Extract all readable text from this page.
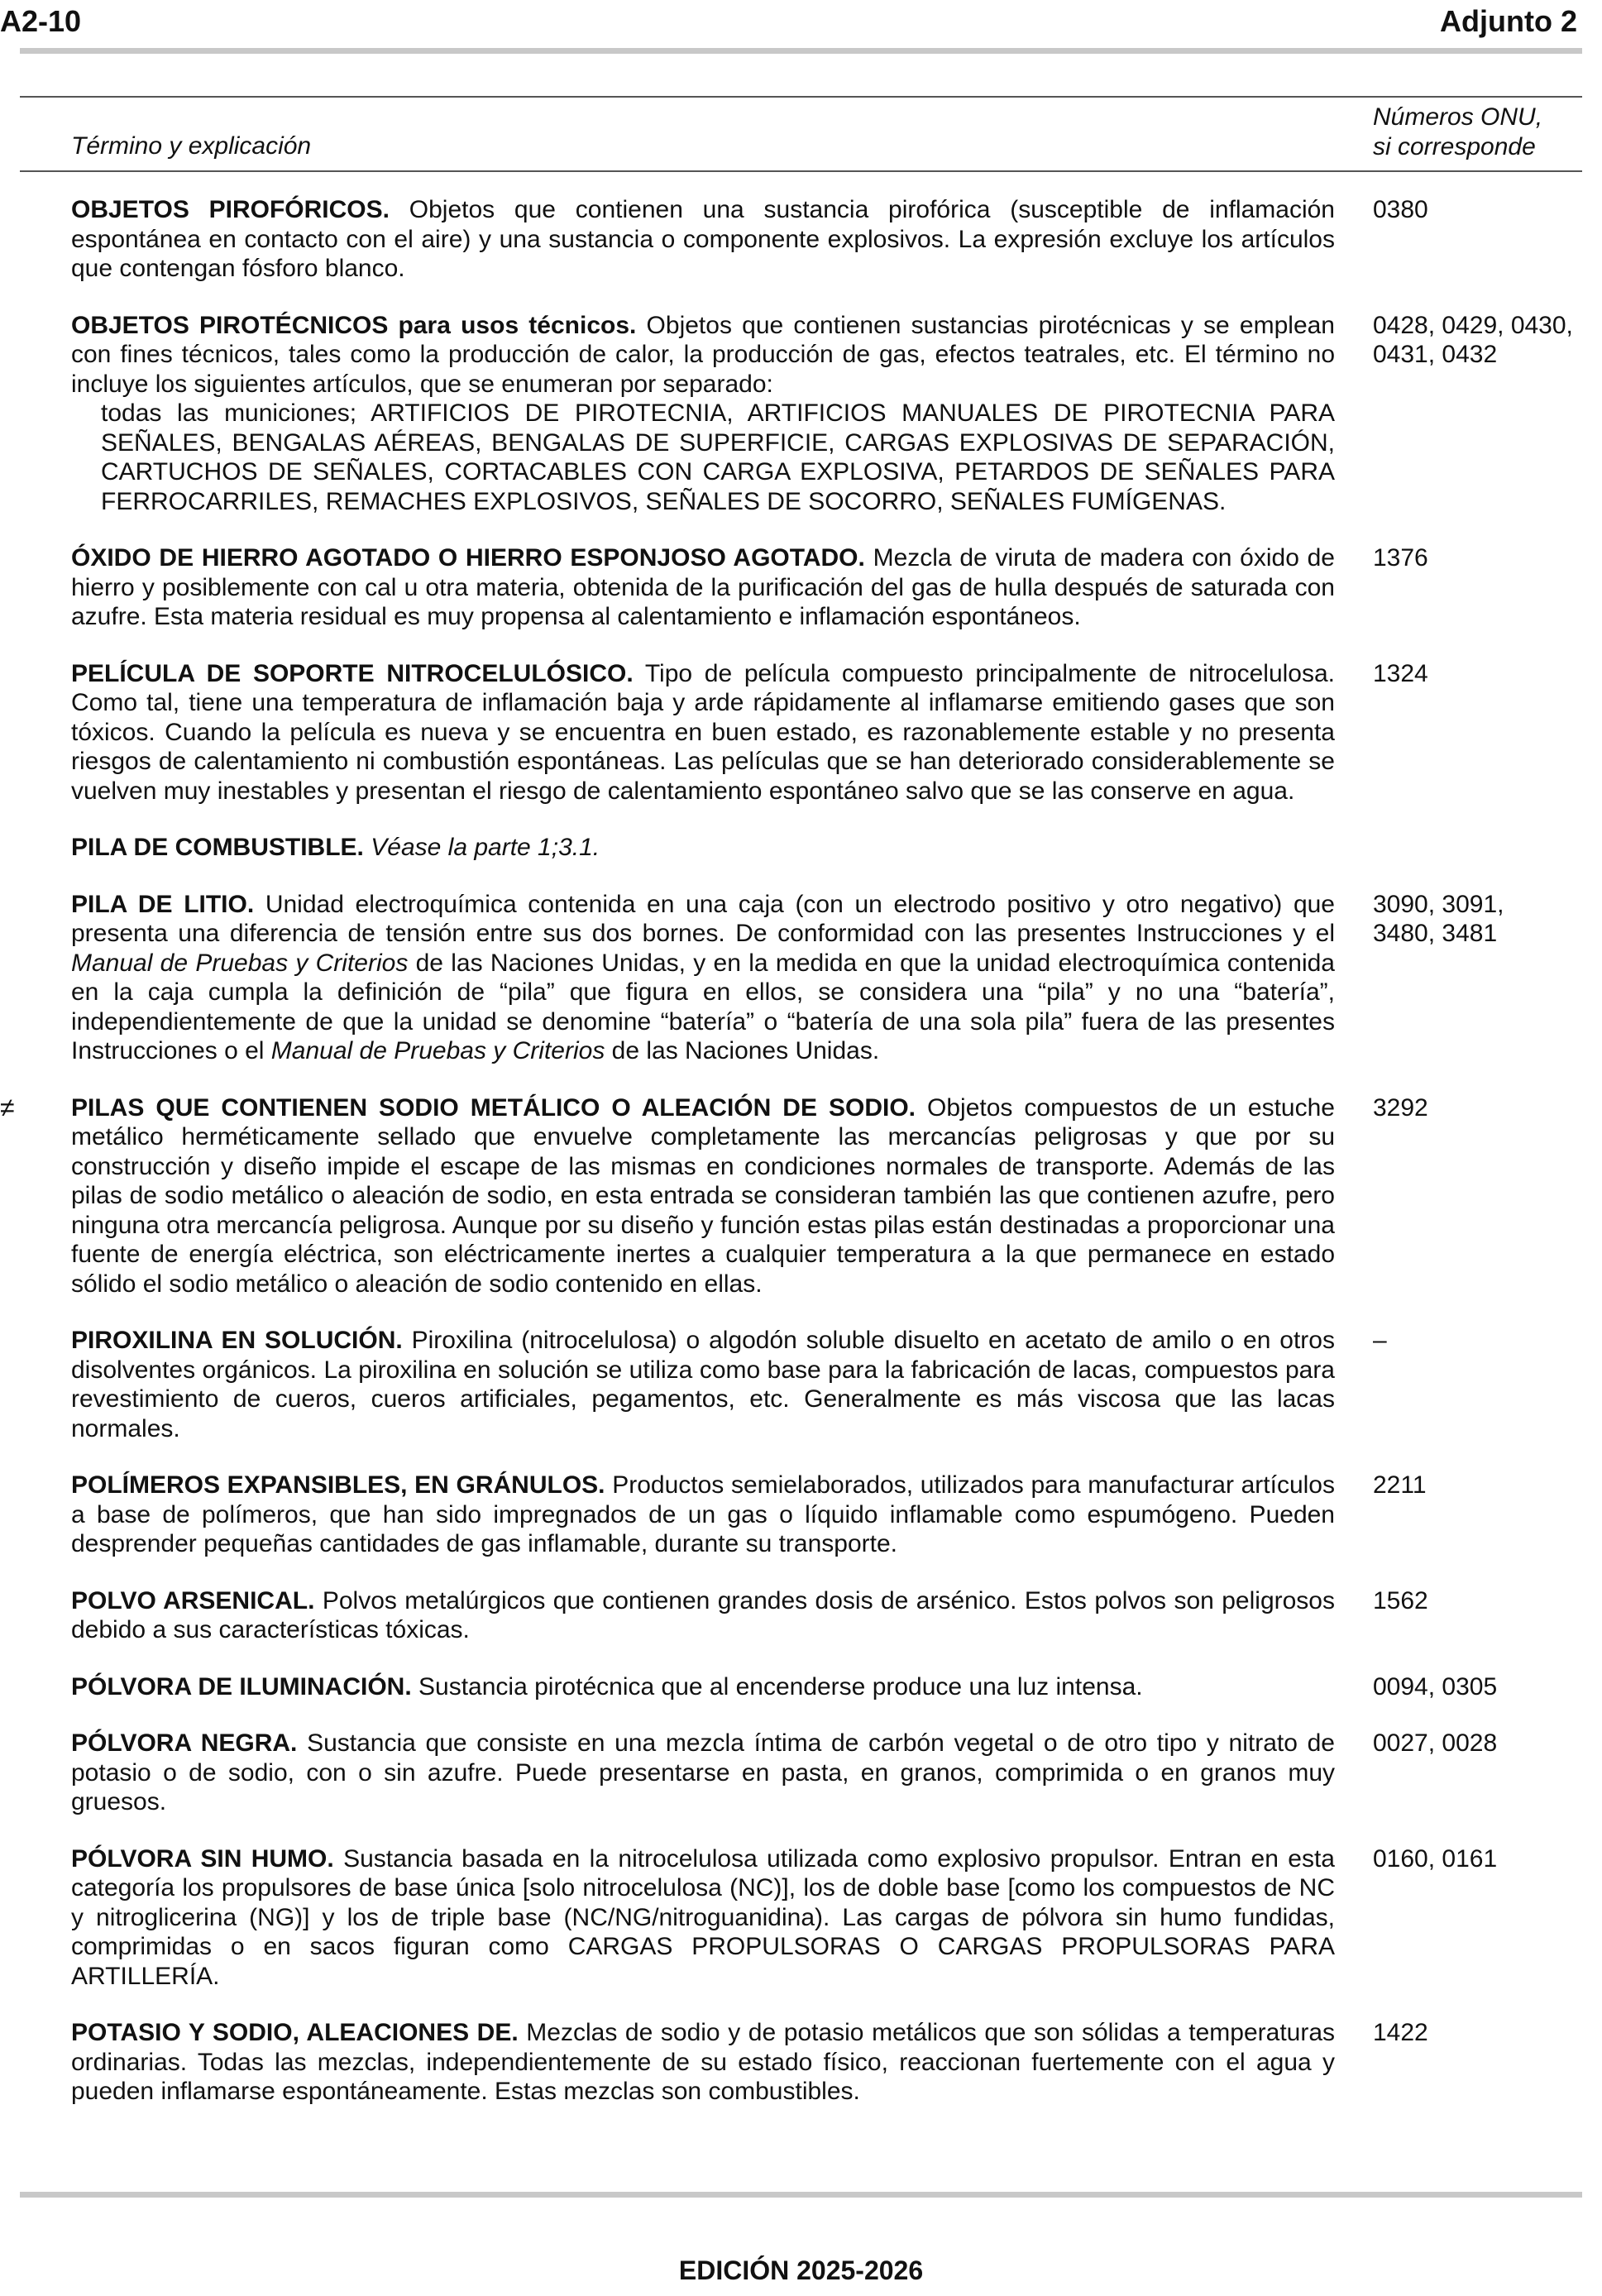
A2-10	Adjunto 2
Término y explicación
Números ONU,
si corresponde
OBJETOS PIROFÓRICOS. Objetos que contienen una sustancia pirofórica (susceptible de inflamación espontánea en contacto con el aire) y una sustancia o componente explosivos. La expresión excluye los artículos que contengan fósforo blanco.
0380
OBJETOS PIROTÉCNICOS para usos técnicos. Objetos que contienen sustancias pirotécnicas y se emplean con fines técnicos, tales como la producción de calor, la producción de gas, efectos teatrales, etc. El término no incluye los siguientes artículos, que se enumeran por separado:
todas las municiones; ARTIFICIOS DE PIROTECNIA, ARTIFICIOS MANUALES DE PIROTECNIA PARA SEÑALES, BENGALAS AÉREAS, BENGALAS DE SUPERFICIE, CARGAS EXPLOSIVAS DE SEPARACIÓN, CARTUCHOS DE SEÑALES, CORTACABLES CON CARGA EXPLOSIVA, PETARDOS DE SEÑALES PARA FERROCARRILES, REMACHES EXPLOSIVOS, SEÑALES DE SOCORRO, SEÑALES FUMÍGENAS.
0428, 0429, 0430,
0431, 0432
ÓXIDO DE HIERRO AGOTADO O HIERRO ESPONJOSO AGOTADO. Mezcla de viruta de madera con óxido de hierro y posiblemente con cal u otra materia, obtenida de la purificación del gas de hulla después de saturada con azufre. Esta materia residual es muy propensa al calentamiento e inflamación espontáneos.
1376
PELÍCULA DE SOPORTE NITROCELULÓSICO. Tipo de película compuesto principalmente de nitrocelulosa. Como tal, tiene una temperatura de inflamación baja y arde rápidamente al inflamarse emitiendo gases que son tóxicos. Cuando la película es nueva y se encuentra en buen estado, es razonablemente estable y no presenta riesgos de calentamiento ni combustión espontáneas. Las películas que se han deteriorado considerablemente se vuelven muy inestables y presentan el riesgo de calentamiento espontáneo salvo que se las conserve en agua.
1324
PILA DE COMBUSTIBLE. Véase la parte 1;3.1.
PILA DE LITIO. Unidad electroquímica contenida en una caja (con un electrodo positivo y otro negativo) que presenta una diferencia de tensión entre sus dos bornes. De conformidad con las presentes Instrucciones y el Manual de Pruebas y Criterios de las Naciones Unidas, y en la medida en que la unidad electroquímica contenida en la caja cumpla la definición de “pila” que figura en ellos, se considera una “pila” y no una “batería”, independientemente de que la unidad se denomine “batería” o “batería de una sola pila” fuera de las presentes Instrucciones o el Manual de Pruebas y Criterios de las Naciones Unidas.
3090, 3091,
3480, 3481
≠ PILAS QUE CONTIENEN SODIO METÁLICO O ALEACIÓN DE SODIO. Objetos compuestos de un estuche metálico herméticamente sellado que envuelve completamente las mercancías peligrosas y que por su construcción y diseño impide el escape de las mismas en condiciones normales de transporte. Además de las pilas de sodio metálico o aleación de sodio, en esta entrada se consideran también las que contienen azufre, pero ninguna otra mercancía peligrosa. Aunque por su diseño y función estas pilas están destinadas a proporcionar una fuente de energía eléctrica, son eléctricamente inertes a cualquier temperatura a la que permanece en estado sólido el sodio metálico o aleación de sodio contenido en ellas.
3292
PIROXILINA EN SOLUCIÓN. Piroxilina (nitrocelulosa) o algodón soluble disuelto en acetato de amilo o en otros disolventes orgánicos. La piroxilina en solución se utiliza como base para la fabricación de lacas, compuestos para revestimiento de cueros, cueros artificiales, pegamentos, etc. Generalmente es más viscosa que las lacas normales.
–
POLÍMEROS EXPANSIBLES, EN GRÁNULOS. Productos semielaborados, utilizados para manufacturar artículos a base de polímeros, que han sido impregnados de un gas o líquido inflamable como espumógeno. Pueden desprender pequeñas cantidades de gas inflamable, durante su transporte.
2211
POLVO ARSENICAL. Polvos metalúrgicos que contienen grandes dosis de arsénico. Estos polvos son peligrosos debido a sus características tóxicas.
1562
PÓLVORA DE ILUMINACIÓN. Sustancia pirotécnica que al encenderse produce una luz intensa.	0094, 0305
PÓLVORA NEGRA. Sustancia que consiste en una mezcla íntima de carbón vegetal o de otro tipo y nitrato de potasio o de sodio, con o sin azufre. Puede presentarse en pasta, en granos, comprimida o en granos muy gruesos.
0027, 0028
PÓLVORA SIN HUMO. Sustancia basada en la nitrocelulosa utilizada como explosivo propulsor. Entran en esta categoría los propulsores de base única [solo nitrocelulosa (NC)], los de doble base [como los compuestos de NC y nitroglicerina (NG)] y los de triple base (NC/NG/nitroguanidina). Las cargas de pólvora sin humo fundidas, comprimidas o en sacos figuran como CARGAS PROPULSORAS O CARGAS PROPULSORAS PARA ARTILLERÍA.
0160, 0161
POTASIO Y SODIO, ALEACIONES DE. Mezclas de sodio y de potasio metálicos que son sólidas a temperaturas ordinarias. Todas las mezclas, independientemente de su estado físico, reaccionan fuertemente con el agua y pueden inflamarse espontáneamente. Estas mezclas son combustibles.
1422
EDICIÓN 2025-2026
